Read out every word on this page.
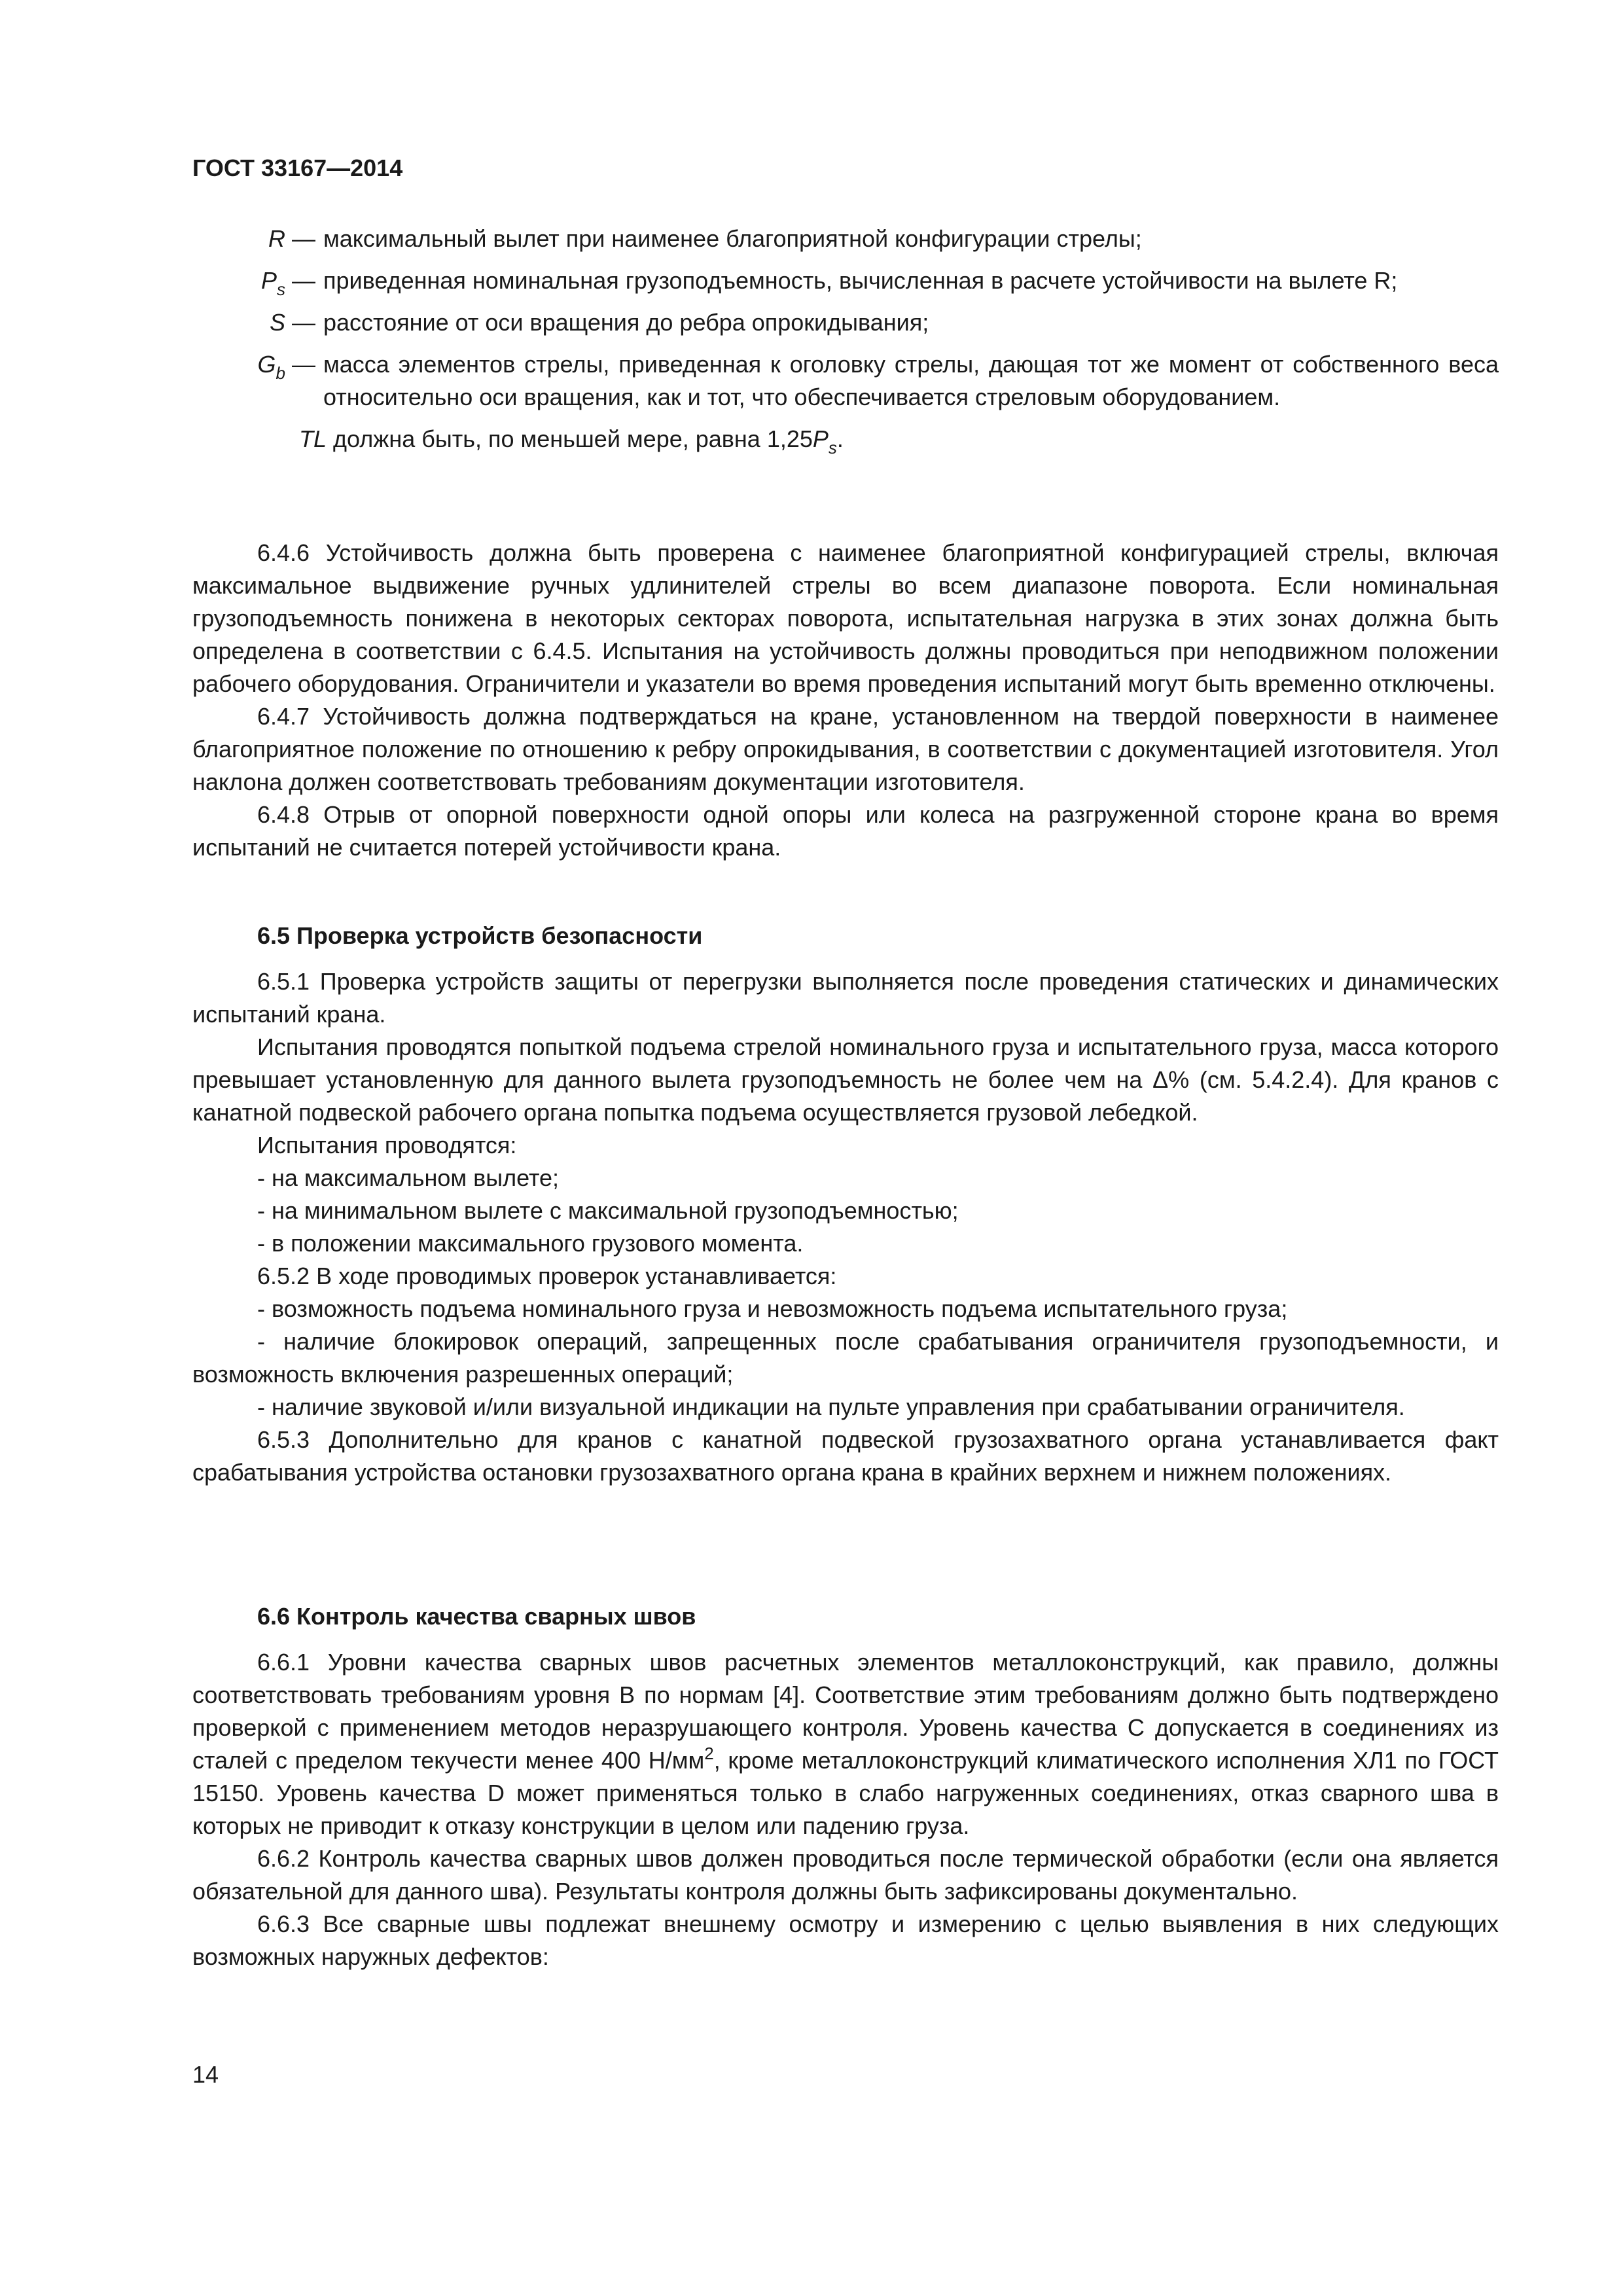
ГОСТ 33167—2014
R — максимальный вылет при наименее благоприятной конфигурации стрелы;
$P_s$ — приведенная номинальная грузоподъемность, вычисленная в расчете устойчивости на вылете R;
S — расстояние от оси вращения до ребра опрокидывания;
$G_b$ — масса элементов стрелы, приведенная к оголовку стрелы, дающая тот же момент от собственного веса относительно оси вращения, как и тот, что обеспечивается стреловым оборудованием.
TL должна быть, по меньшей мере, равна $1,25P_s$.

6.4.6 Устойчивость должна быть проверена с наименее благоприятной конфигурацией стрелы, включая максимальное выдвижение ручных удлинителей стрелы во всем диапазоне поворота. Если номинальная грузоподъемность понижена в некоторых секторах поворота, испытательная нагрузка в этих зонах должна быть определена в соответствии с 6.4.5. Испытания на устойчивость должны проводиться при неподвижном положении рабочего оборудования. Ограничители и указатели во время проведения испытаний могут быть временно отключены.

6.4.7 Устойчивость должна подтверждаться на кране, установленном на твердой поверхности в наименее благоприятное положение по отношению к ребру опрокидывания, в соответствии с документацией изготовителя. Угол наклона должен соответствовать требованиям документации изготовителя.

6.4.8 Отрыв от опорной поверхности одной опоры или колеса на разгруженной стороне крана во время испытаний не считается потерей устойчивости крана.

6.5 Проверка устройств безопасности

6.5.1 Проверка устройств защиты от перегрузки выполняется после проведения статических и динамических испытаний крана.

Испытания проводятся попыткой подъема стрелой номинального груза и испытательного груза, масса которого превышает установленную для данного вылета грузоподъемность не более чем на Δ% (см. 5.4.2.4). Для кранов с канатной подвеской рабочего органа попытка подъема осуществляется грузовой лебедкой.

Испытания проводятся:

- на максимальном вылете;

- на минимальном вылете с максимальной грузоподъемностью;

- в положении максимального грузового момента.

6.5.2 В ходе проводимых проверок устанавливается:

- возможность подъема номинального груза и невозможность подъема испытательного груза;

- наличие блокировок операций, запрещенных после срабатывания ограничителя грузоподъемности, и возможность включения разрешенных операций;

- наличие звуковой и/или визуальной индикации на пульте управления при срабатывании ограничителя.

6.5.3 Дополнительно для кранов с канатной подвеской грузозахватного органа устанавливается факт срабатывания устройства остановки грузозахватного органа крана в крайних верхнем и нижнем положениях.

6.6 Контроль качества сварных швов

6.6.1 Уровни качества сварных швов расчетных элементов металлоконструкций, как правило, должны соответствовать требованиям уровня B по нормам [4]. Соответствие этим требованиям должно быть подтверждено проверкой с применением методов неразрушающего контроля. Уровень качества C допускается в соединениях из сталей с пределом текучести менее 400 $Н/мм^2$, кроме металлоконструкций климатического исполнения ХЛ1 по ГОСТ 15150. Уровень качества D может применяться только в слабо нагруженных соединениях, отказ сварного шва в которых не приводит к отказу конструкции в целом или падению груза.

6.6.2 Контроль качества сварных швов должен проводиться после термической обработки (если она является обязательной для данного шва). Результаты контроля должны быть зафиксированы документально.

6.6.3 Все сварные швы подлежат внешнему осмотру и измерению с целью выявления в них следующих возможных наружных дефектов:

14
